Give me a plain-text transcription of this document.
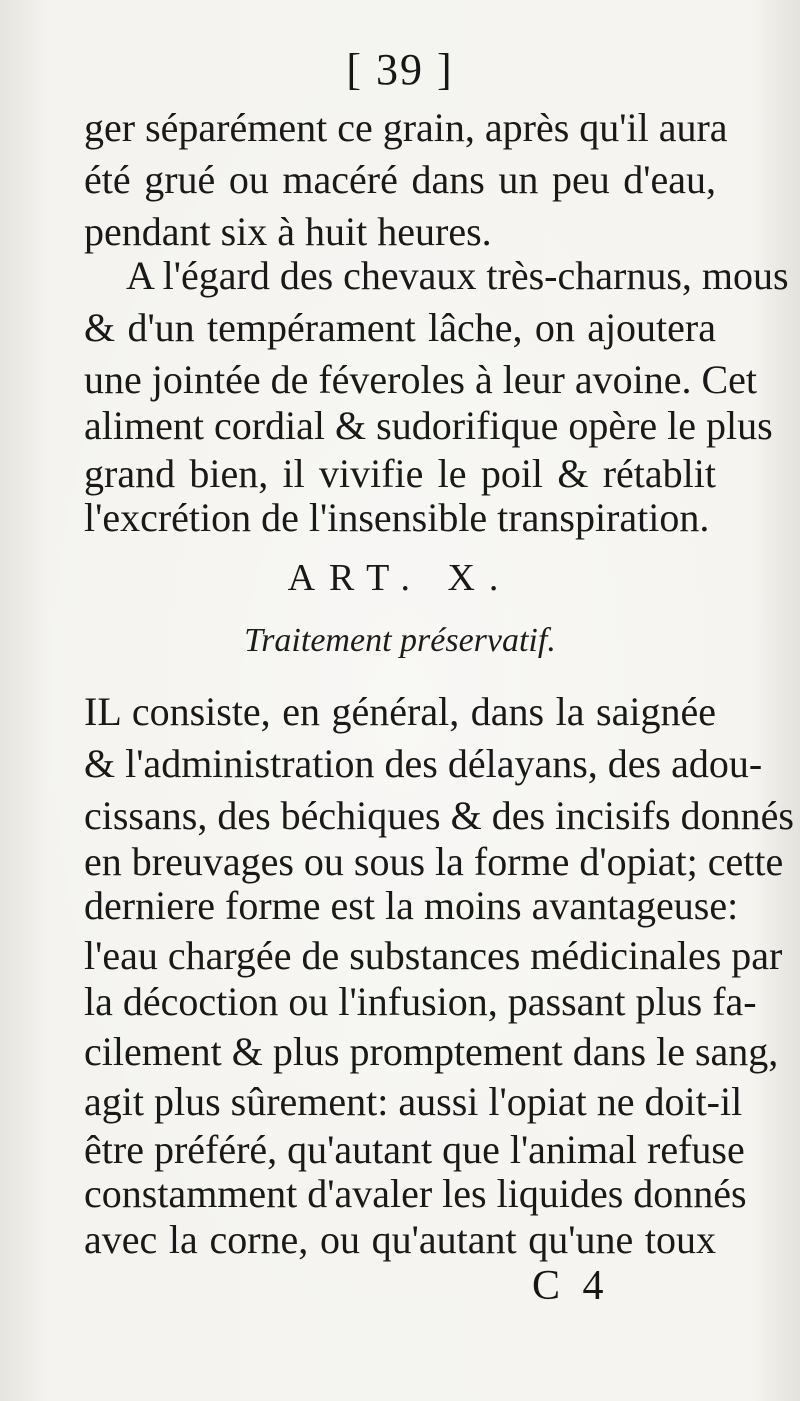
[ 39 ]
ger séparément ce grain, après qu'il aura
été grué ou macéré dans un peu d'eau,
pendant six à huit heures.
A l'égard des chevaux très-charnus, mous
& d'un tempérament lâche, on ajoutera
une jointée de féveroles à leur avoine. Cet
aliment cordial & sudorifique opère le plus
grand bien, il vivifie le poil & rétablit
l'excrétion de l'insensible transpiration.
ART. X.
Traitement préservatif.
IL consiste, en général, dans la saignée
& l'administration des délayans, des adou-
cissans, des béchiques & des incisifs donnés
en breuvages ou sous la forme d'opiat; cette
derniere forme est la moins avantageuse:
l'eau chargée de substances médicinales par
la décoction ou l'infusion, passant plus fa-
cilement & plus promptement dans le sang,
agit plus sûrement: aussi l'opiat ne doit-il
être préféré, qu'autant que l'animal refuse
constamment d'avaler les liquides donnés
avec la corne, ou qu'autant qu'une toux
C 4
